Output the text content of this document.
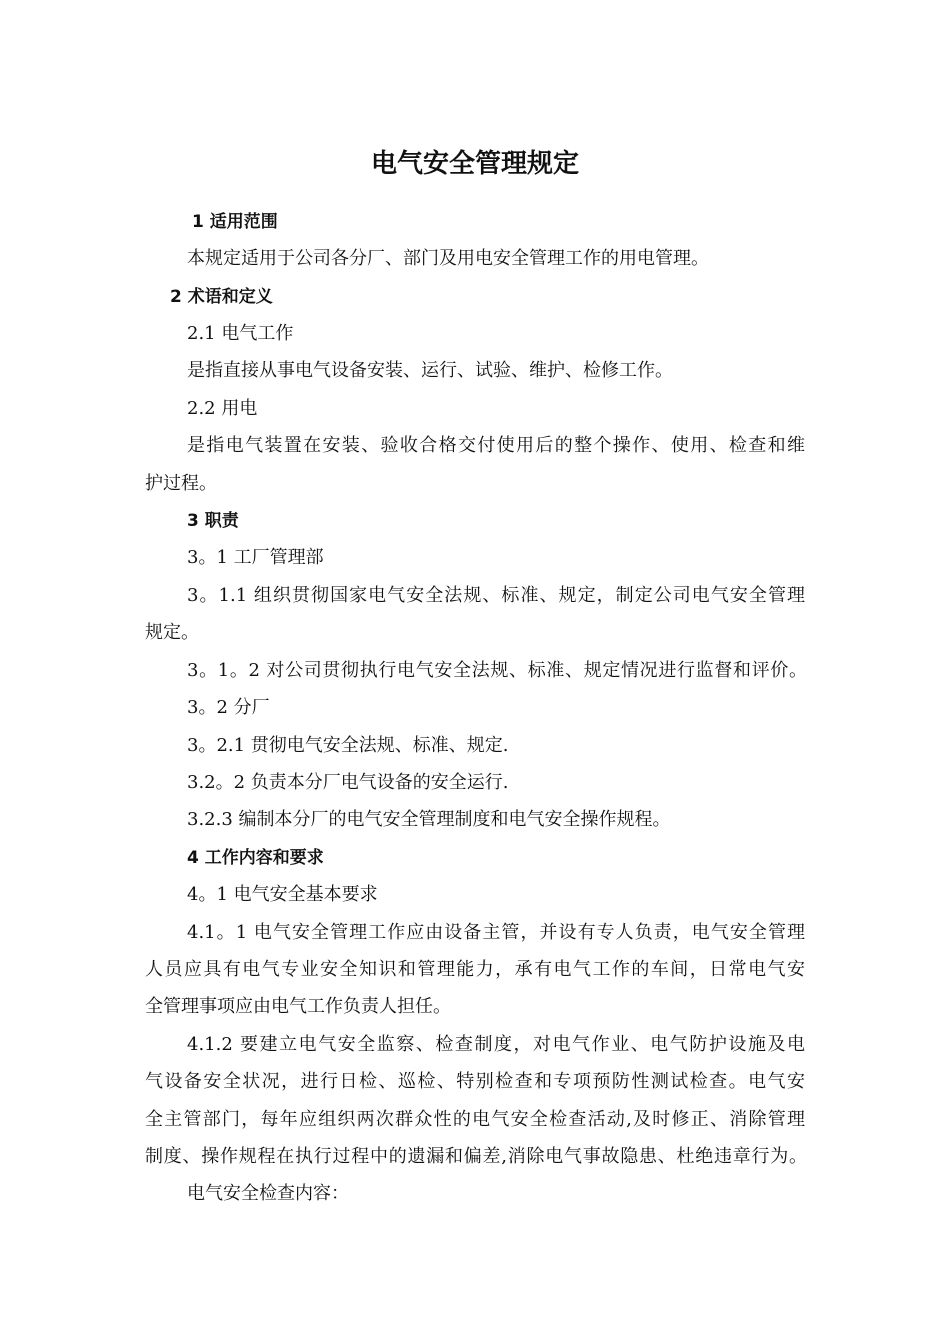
电气安全管理规定

1 适用范围

本规定适用于公司各分厂、部门及用电安全管理工作的用电管理。

2 术语和定义

2.1 电气工作

是指直接从事电气设备安装、运行、试验、维护、检修工作。

2.2 用电

是指电气装置在安装、验收合格交付使用后的整个操作、使用、检查和维

护过程。

3 职责

3。1 工厂管理部

3。1.1 组织贯彻国家电气安全法规、标准、规定，制定公司电气安全管理

规定。

3。1。2 对公司贯彻执行电气安全法规、标准、规定情况进行监督和评价。

3。2 分厂

3。2.1 贯彻电气安全法规、标准、规定.

3.2。2 负责本分厂电气设备的安全运行.

3.2.3 编制本分厂的电气安全管理制度和电气安全操作规程。

4 工作内容和要求

4。1 电气安全基本要求

4.1。1 电气安全管理工作应由设备主管，并设有专人负责，电气安全管理

人员应具有电气专业安全知识和管理能力，承有电气工作的车间，日常电气安

全管理事项应由电气工作负责人担任。

4.1.2 要建立电气安全监察、检查制度，对电气作业、电气防护设施及电

气设备安全状况，进行日检、巡检、特别检查和专项预防性测试检查。电气安

全主管部门，每年应组织两次群众性的电气安全检查活动,及时修正、消除管理

制度、操作规程在执行过程中的遗漏和偏差,消除电气事故隐患、杜绝违章行为。

电气安全检查内容：
